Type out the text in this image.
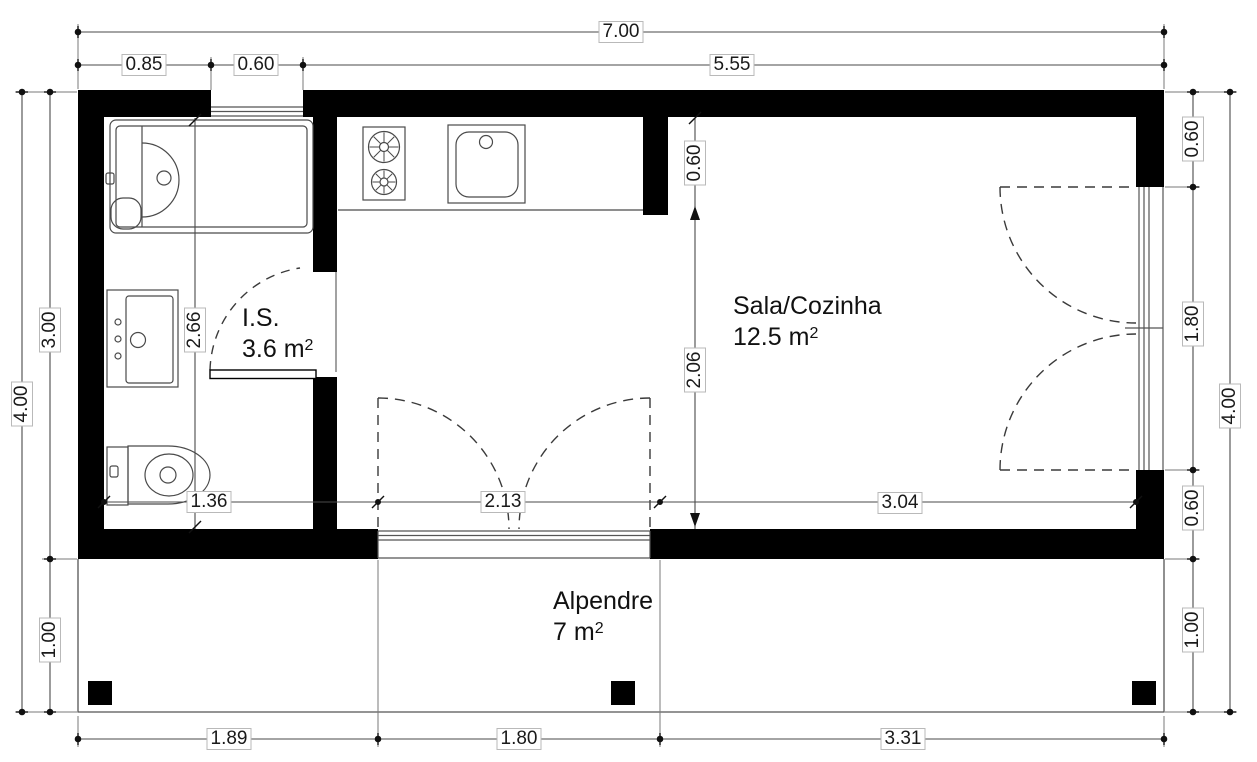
7.00
0.85	0.60	5.55
4.00
3.00
1.00
0.60
1.80
0.60
1.00
4.00
1.89	1.80	3.31
1.36	2.13	3.04
2.66
0.60
2.06
I.S.
3.6 $m^2$
Sala/Cozinha
12.5 $m^2$
Alpendre
7 $m^2$
